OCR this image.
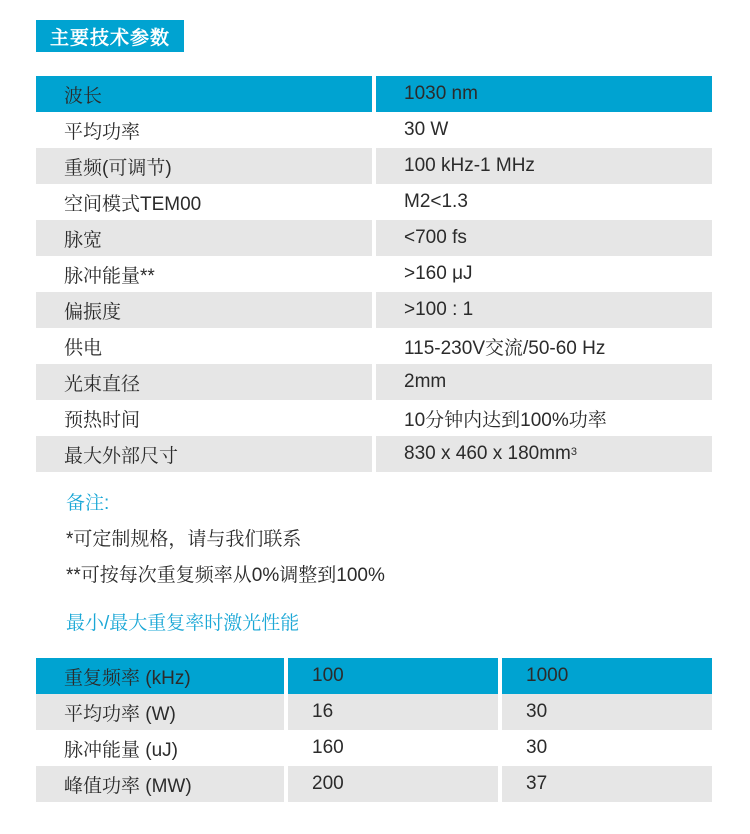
主要技术参数
波长	1030 nm
平均功率	30 W
重频(可调节)	100 kHz-1 MHz
空间模式TEM00	M2<1.3
脉宽	<700 fs
脉冲能量**	>160 μJ
偏振度	>100 : 1
供电	115-230V交流/50-60 Hz
光束直径	2mm
预热时间	10分钟内达到100%功率
最大外部尺寸	830 x 460 x 180mm 3
备注:
*可定制规格，请与我们联系
**可按每次重复频率从0%调整到100%
最小/最大重复率时激光性能
重复频率 (kHz)	100	1000
平均功率 (W)	16	30
脉冲能量 (uJ)	160	30
峰值功率 (MW)	200	37
